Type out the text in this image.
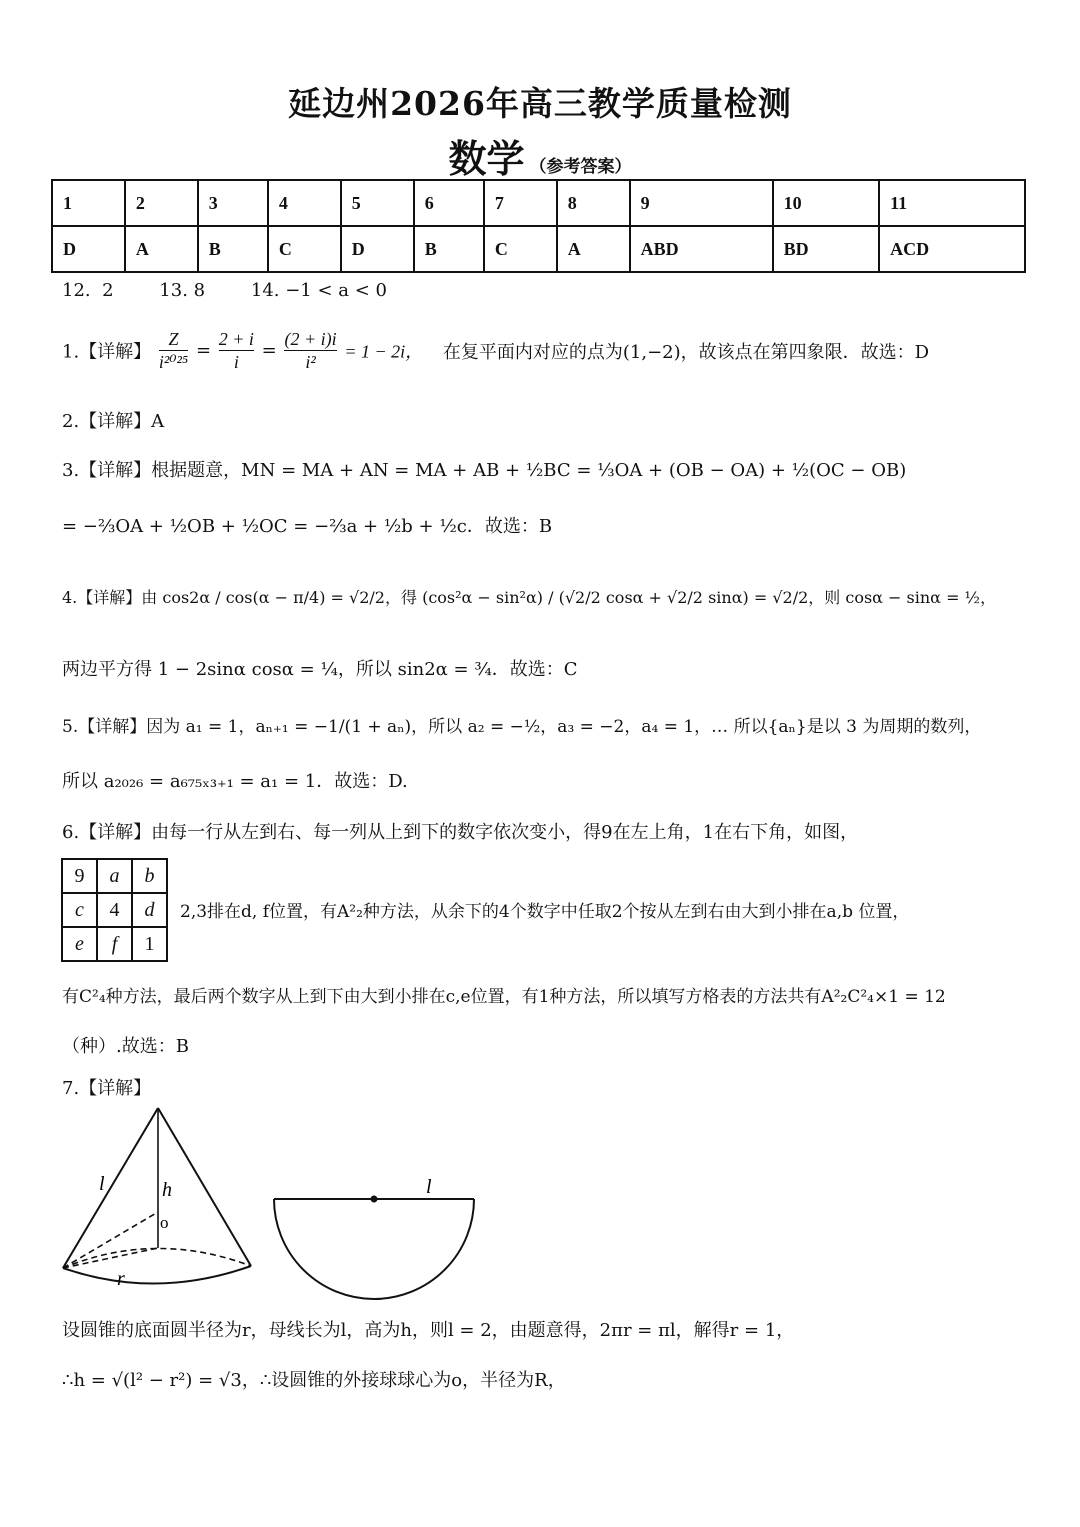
延边州2026年高三教学质量检测
数学 （参考答案）
1	2	3	4	5	6	7	8	9	10	11
D	A	B	C	D	B	C	A	ABD	BD	ACD
12.  2        13. 8        14. −1 < a < 0
1.【详解】 $\frac{Z}{\text{i²⁰²⁵}} = \frac{2 + i}{i} = \frac{(2 + i)i}{\text{i²}} = 1 - 2i$， 在复平面内对应的点为(1,−2)，故该点在第四象限．故选：D
2.【详解】A
3.【详解】根据题意，MN = MA + AN = MA + AB + ½BC = ⅓OA + (OB − OA) + ½(OC − OB)
= −⅔OA + ½OB + ½OC = −⅔a + ½b + ½c．故选：B
4.【详解】由 cos2α / cos(α − π/4) = √2/2，得 (cos²α − sin²α) / (√2/2 cosα + √2/2 sinα) = √2/2，则 cosα − sinα = ½，
两边平方得 1 − 2sinα cosα = ¼，所以 sin2α = ¾．故选：C
5.【详解】因为 a₁ = 1，aₙ₊₁ = −1/(1 + aₙ)，所以 a₂ = −½，a₃ = −2，a₄ = 1，… 所以{aₙ}是以 3 为周期的数列，
所以 a₂₀₂₆ = a₆₇₅ₓ₃₊₁ = a₁ = 1．故选：D.
6.【详解】由每一行从左到右、每一列从上到下的数字依次变小，得9在左上角，1在右下角，如图，
9	a	b
c	4	d
e	f	1
2,3排在d, f位置，有A²₂种方法，从余下的4个数字中任取2个按从左到右由大到小排在a,b 位置，
有C²₄种方法，最后两个数字从上到下由大到小排在c,e位置，有1种方法，所以填写方格表的方法共有A²₂C²₄×1 = 12
（种）.故选：B
7.【详解】
l	h
o
r
l
设圆锥的底面圆半径为r，母线长为l，高为h，则l = 2，由题意得，2πr = πl，解得r = 1，
∴h = √(l² − r²) = √3，∴设圆锥的外接球球心为o，半径为R，
